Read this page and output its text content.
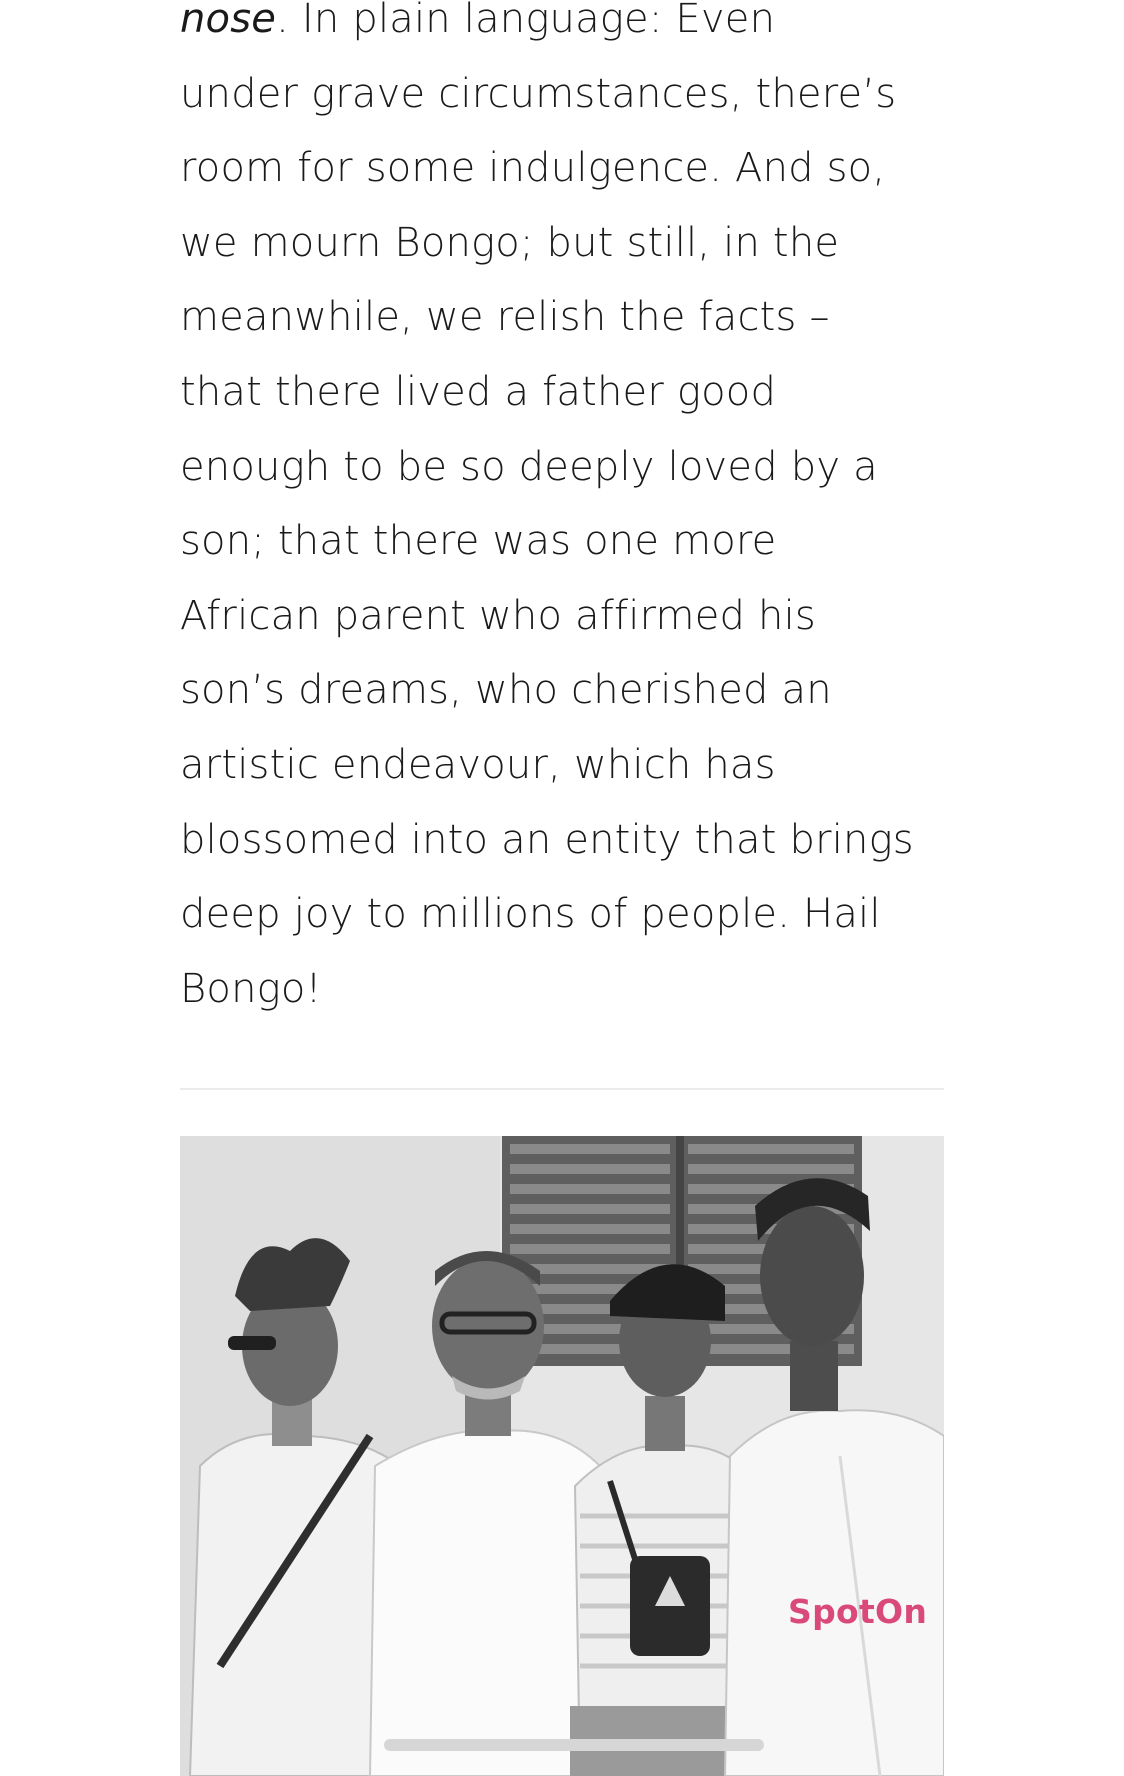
nose. In plain language: Even
under grave circumstances, there’s
room for some indulgence. And so,
we mourn Bongo; but still, in the
meanwhile, we relish the facts –
that there lived a father good
enough to be so deeply loved by a
son; that there was one more
African parent who affirmed his
son’s dreams, who cherished an
artistic endeavour, which has
blossomed into an entity that brings
deep joy to millions of people. Hail
Bongo!

SpotOn
